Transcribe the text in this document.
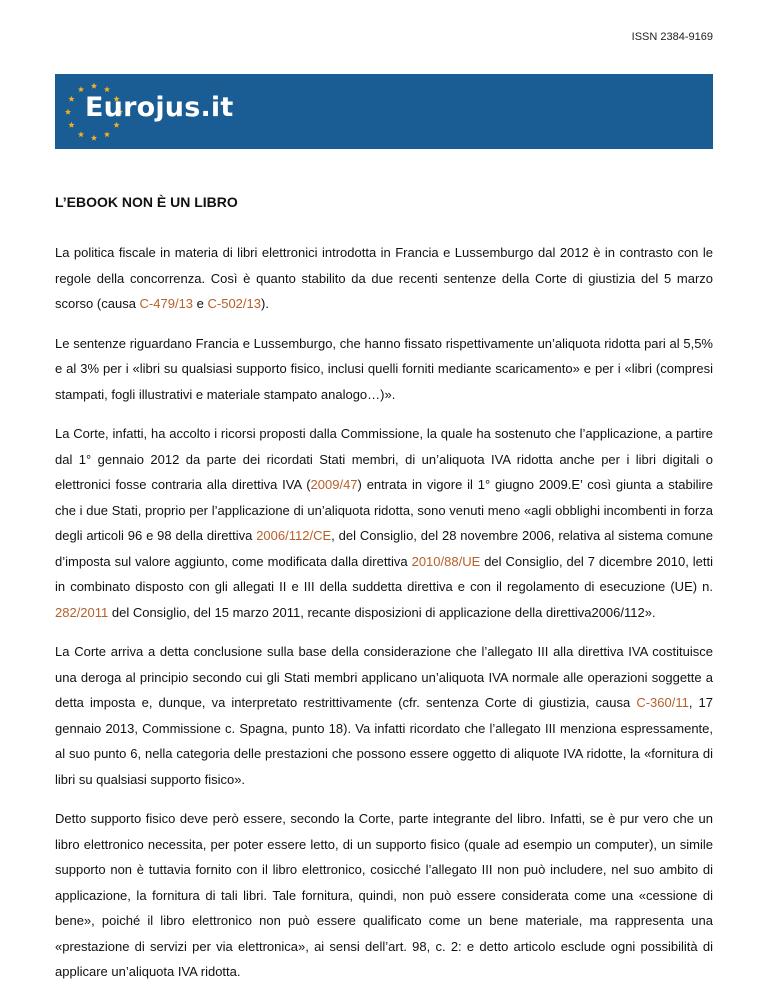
ISSN 2384-9169
Eurojus.it
L’EBOOK NON È UN LIBRO

La politica fiscale in materia di libri elettronici introdotta in Francia e Lussemburgo dal 2012 è in contrasto con le regole della concorrenza. Così è quanto stabilito da due recenti sentenze della Corte di giustizia del 5 marzo scorso (causa C-479/13 e C-502/13).

Le sentenze riguardano Francia e Lussemburgo, che hanno fissato rispettivamente un’aliquota ridotta pari al 5,5% e al 3% per i «libri su qualsiasi supporto fisico, inclusi quelli forniti mediante scaricamento» e per i «libri (compresi stampati, fogli illustrativi e materiale stampato analogo…)».

La Corte, infatti, ha accolto i ricorsi proposti dalla Commissione, la quale ha sostenuto che l’applicazione, a partire dal 1° gennaio 2012 da parte dei ricordati Stati membri, di un’aliquota IVA ridotta anche per i libri digitali o elettronici fosse contraria alla direttiva IVA (2009/47) entrata in vigore il 1° giugno 2009.E’ così giunta a stabilire che i due Stati, proprio per l’applicazione di un’aliquota ridotta, sono venuti meno «agli obblighi incombenti in forza degli articoli 96 e 98 della direttiva 2006/112/CE, del Consiglio, del 28 novembre 2006, relativa al sistema comune d’imposta sul valore aggiunto, come modificata dalla direttiva 2010/88/UE del Consiglio, del 7 dicembre 2010, letti in combinato disposto con gli allegati II e III della suddetta direttiva e con il regolamento di esecuzione (UE) n. 282/2011 del Consiglio, del 15 marzo 2011, recante disposizioni di applicazione della direttiva2006/112».

La Corte arriva a detta conclusione sulla base della considerazione che l’allegato III alla direttiva IVA costituisce una deroga al principio secondo cui gli Stati membri applicano un’aliquota IVA normale alle operazioni soggette a detta imposta e, dunque, va interpretato restrittivamente (cfr. sentenza Corte di giustizia, causa C-360/11, 17 gennaio 2013, Commissione c. Spagna, punto 18). Va infatti ricordato che l’allegato III menziona espressamente, al suo punto 6, nella categoria delle prestazioni che possono essere oggetto di aliquote IVA ridotte, la «fornitura di libri su qualsiasi supporto fisico».

Detto supporto fisico deve però essere, secondo la Corte, parte integrante del libro. Infatti, se è pur vero che un libro elettronico necessita, per poter essere letto, di un supporto fisico (quale ad esempio un computer), un simile supporto non è tuttavia fornito con il libro elettronico, cosicché l’allegato III non può includere, nel suo ambito di applicazione, la fornitura di tali libri. Tale fornitura, quindi, non può essere considerata come una «cessione di bene», poiché il libro elettronico non può essere qualificato come un bene materiale, ma rappresenta una «prestazione di servizi per via elettronica», ai sensi dell’art. 98, c. 2: e detto articolo esclude ogni possibilità di applicare un’aliquota IVA ridotta.
